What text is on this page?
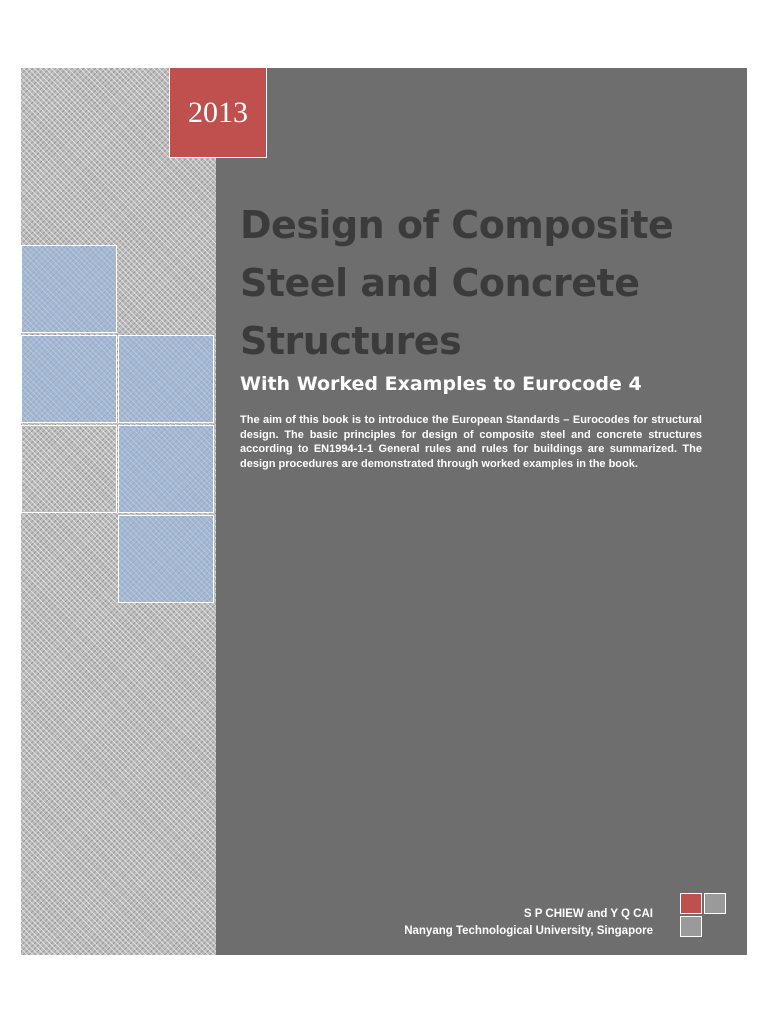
2013
Design of Composite
Steel and Concrete
Structures
With Worked Examples to Eurocode 4

The aim of this book is to introduce the European Standards – Eurocodes for structural design. The basic principles for design of composite steel and concrete structures according to EN1994-1-1 General rules and rules for buildings are summarized. The design procedures are demonstrated through worked examples in the book.

S P CHIEW and Y Q CAI
Nanyang Technological University, Singapore
